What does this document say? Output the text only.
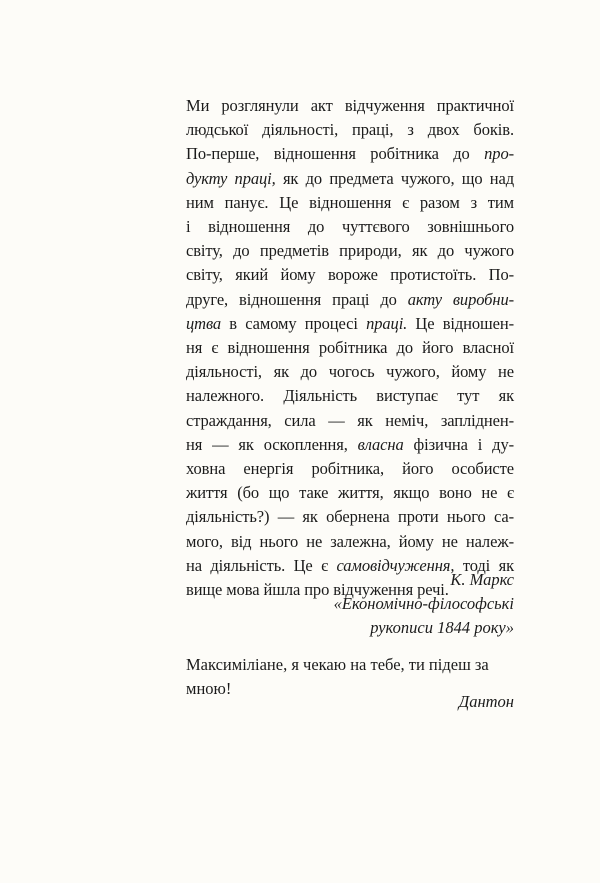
Ми розглянули акт відчуження практичної
людської діяльності, праці, з двох боків.
По-перше, відношення робітника до про-
дукту праці, як до предмета чужого, що над
ним панує. Це відношення є разом з тим
і відношення до чуттєвого зовнішнього
світу, до предметів природи, як до чужого
світу, який йому вороже протистоїть. По-
друге, відношення праці до акту виробни-
цтва в самому процесі праці. Це відношен-
ня є відношення робітника до його власної
діяльності, як до чогось чужого, йому не
належного. Діяльність виступає тут як
страждання, сила — як неміч, запліднен-
ня — як оскоплення, власна фізична і ду-
ховна енергія робітника, його особисте
життя (бо що таке життя, якщо воно не є
діяльність?) — як обернена проти нього са-
мого, від нього не залежна, йому не належ-
на діяльність. Це є самовідчуження, тоді як
вище мова йшла про відчуження речі.

К. Маркс
«Економічно-філософські
рукописи 1844 року»
Максиміліане, я чекаю на тебе, ти підеш за
мною!
Дантон
